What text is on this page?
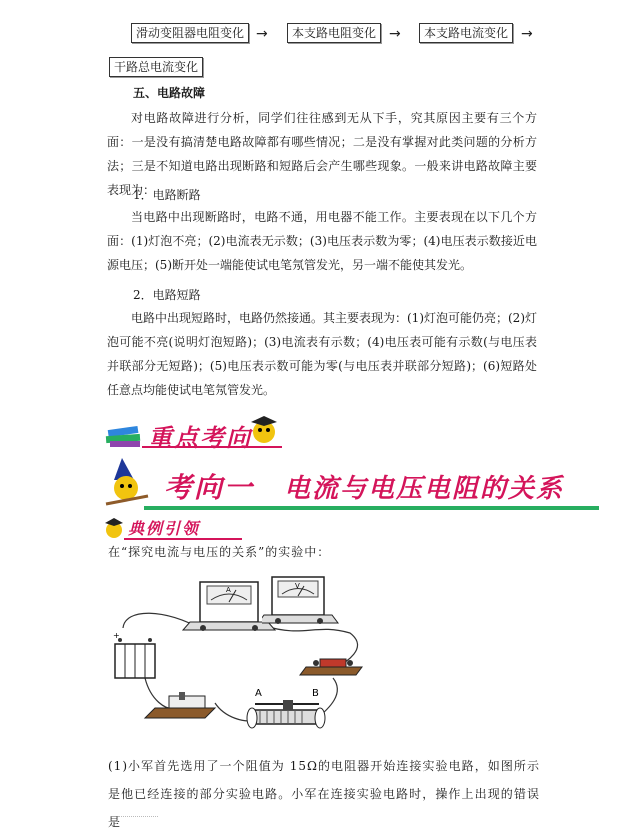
滑动变阻器电阻变化 →	本支路电阻变化 →	本支路电流变化 →
干路总电流变化
五、电路故障

对电路故障进行分析，同学们往往感到无从下手，究其原因主要有三个方面：一是没有搞清楚电路故障都有哪些情况；二是没有掌握对此类问题的分析方法；三是不知道电路出现断路和短路后会产生哪些现象。一般来讲电路故障主要表现为：

1．电路断路

当电路中出现断路时，电路不通，用电器不能工作。主要表现在以下几个方面：(1)灯泡不亮；(2)电流表无示数；(3)电压表示数为零；(4)电压表示数接近电源电压；(5)断开处一端能使试电笔氖管发光，另一端不能使其发光。

2．电路短路

电路中出现短路时，电路仍然接通。其主要表现为：(1)灯泡可能仍亮；(2)灯泡可能不亮(说明灯泡短路)；(3)电流表有示数；(4)电压表可能有示数(与电压表并联部分无短路)；(5)电压表示数可能为零(与电压表并联部分短路)；(6)短路处任意点均能使试电笔氖管发光。

重点考向
考向一 电流与电压电阻的关系
典例引领
在“探究电流与电压的关系”的实验中：
A
+
A	B
V

(1)小军首先选用了一个阻值为 15Ω的电阻器开始连接实验电路，如图所示是他已经连接的部分实验电路。小军在连接实验电路时，操作上出现的错误是
